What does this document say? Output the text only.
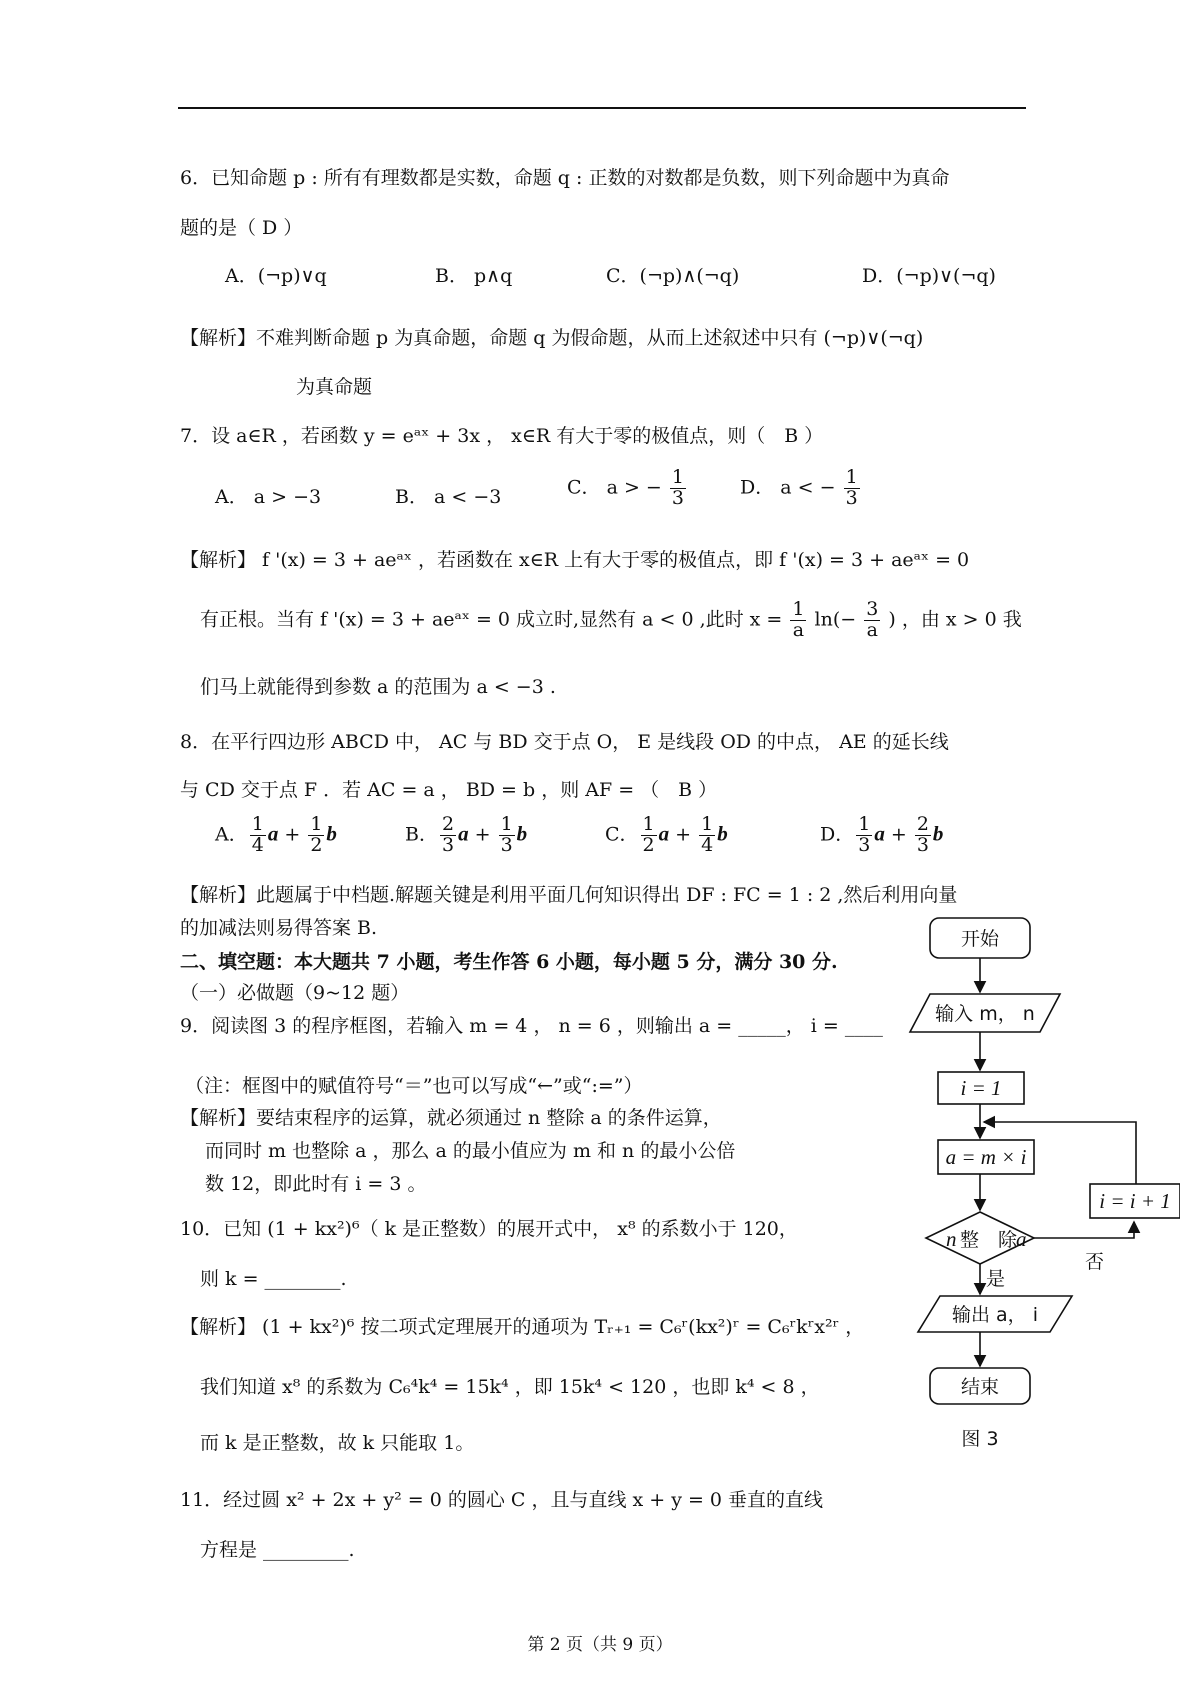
6．已知命题 p : 所有有理数都是实数，命题 q : 正数的对数都是负数，则下列命题中为真命
题的是（ D ）
A．(¬p)∨q	B． p∧q	C．(¬p)∧(¬q)	D．(¬p)∨(¬q)
【解析】不难判断命题 p 为真命题，命题 q 为假命题，从而上述叙述中只有 (¬p)∨(¬q)
为真命题
7．设 a∈R ，若函数 y = eᵃˣ + 3x ， x∈R 有大于零的极值点，则（　B ）
A． a > −3	B． a < −3	C． a > − $\frac{1}{3}$	D． a < − $\frac{1}{3}$
【解析】 f '(x) = 3 + aeᵃˣ ，若函数在 x∈R 上有大于零的极值点，即 f '(x) = 3 + aeᵃˣ = 0
有正根。当有 f '(x) = 3 + aeᵃˣ = 0 成立时,显然有 a < 0 ,此时 $x = \frac{1}{a} \ln(- \frac{3}{a}$ ) ，由 x > 0 我
们马上就能得到参数 a 的范围为 a < −3 .
8．在平行四边形 ABCD 中， AC 与 BD 交于点 O， E 是线段 OD 的中点， AE 的延长线
与 CD 交于点 F ．若 AC = a ， BD = b ，则 AF = （　B ）
A． $\frac{1}{4}$ $a + \frac{1}{2}$ b	B． $\frac{2}{3}$ $a + \frac{1}{3}$ b	C． $\frac{1}{2}$ $a + \frac{1}{4}$ b	D． $\frac{1}{3}$ $a + \frac{2}{3}$ b
【解析】此题属于中档题.解题关键是利用平面几何知识得出 DF : FC = 1 : 2 ,然后利用向量
的加减法则易得答案 B.
二、填空题：本大题共 7 小题，考生作答 6 小题，每小题 5 分，满分 30 分.
（一）必做题（9~12 题）
9．阅读图 3 的程序框图，若输入 m = 4 ， n = 6 ，则输出 a = _____， i = ____
（注：框图中的赋值符号“＝”也可以写成“←”或“:=”）
【解析】要结束程序的运算，就必须通过 n 整除 a 的条件运算，
而同时 m 也整除 a ，那么 a 的最小值应为 m 和 n 的最小公倍
数 12，即此时有 i = 3 。
10．已知 (1 + kx²)⁶（ k 是正整数）的展开式中， x⁸ 的系数小于 120，
则 k = ________.
【解析】 (1 + kx²)⁶ 按二项式定理展开的通项为 Tᵣ₊₁ = C₆ʳ(kx²)ʳ = C₆ʳkʳx²ʳ ，
我们知道 x⁸ 的系数为 C₆⁴k⁴ = 15k⁴ ，即 15k⁴ < 120 ，也即 k⁴ < 8 ，
而 k 是正整数，故 k 只能取 1。
11．经过圆 x² + 2x + y² = 0 的圆心 C ，且与直线 x + y = 0 垂直的直线
方程是 _________.
开始
输入 m， n
i = 1
a = m × i
n 整　除
a
否
i = i + 1
是
输出 a， i
结束
图 3
第 2 页（共 9 页）
